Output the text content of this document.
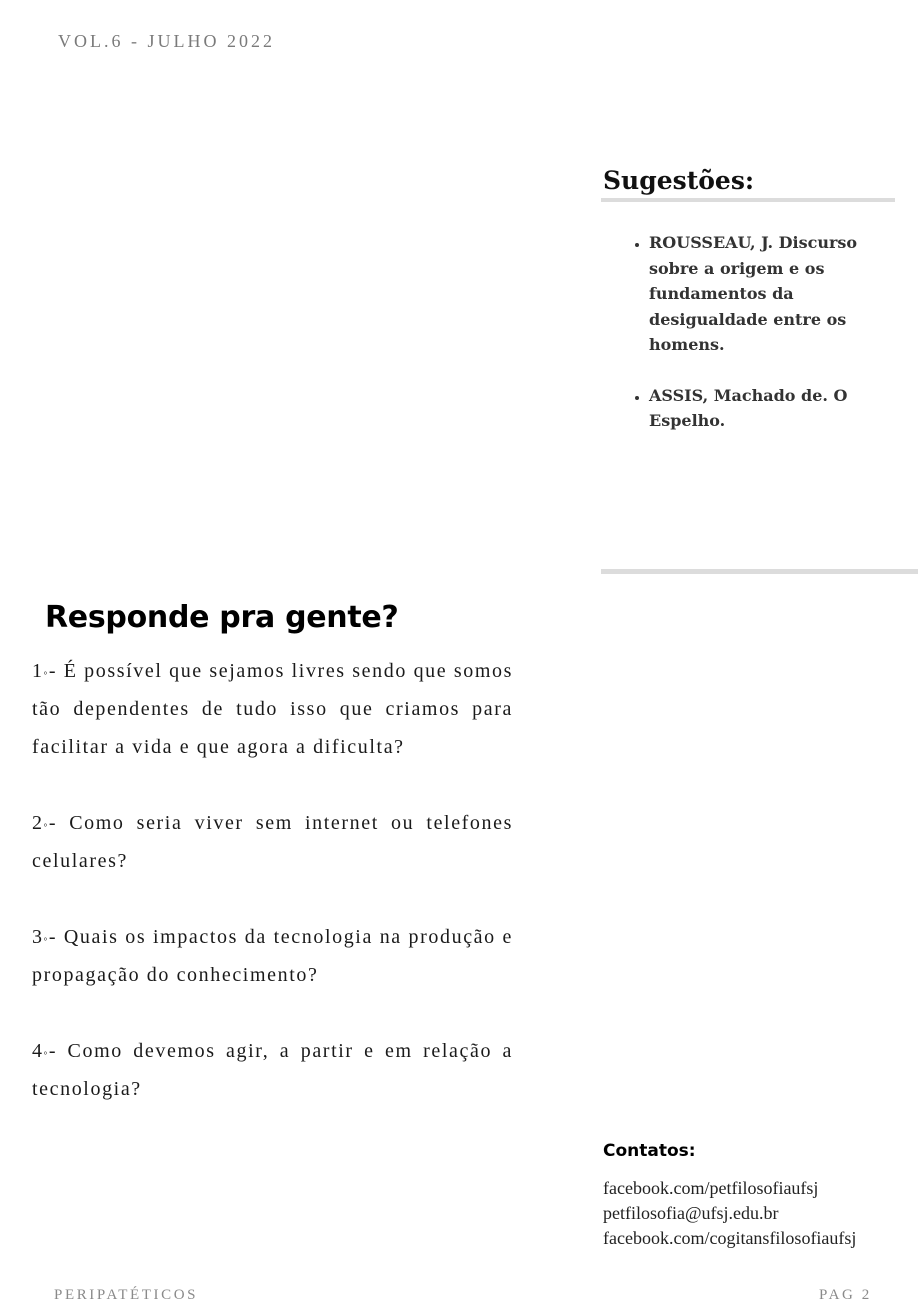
VOL.6 - JULHO 2022
Sugestões:
• ROUSSEAU, J. Discurso sobre a origem e os fundamentos da desigualdade entre os homens.
• ASSIS, Machado de. O Espelho.
Responde pra gente?

1°- É possível que sejamos livres sendo que somos tão dependentes de tudo isso que criamos para facilitar a vida e que agora a dificulta?

2°- Como seria viver sem internet ou telefones celulares?

3°- Quais os impactos da tecnologia na produção e propagação do conhecimento?

4°- Como devemos agir, a partir e em relação a tecnologia?

Contatos:
facebook.com/petfilosofiaufsj
petfilosofia@ufsj.edu.br
facebook.com/cogitansfilosofiaufsj
PERIPATÉTICOS	PAG 2
